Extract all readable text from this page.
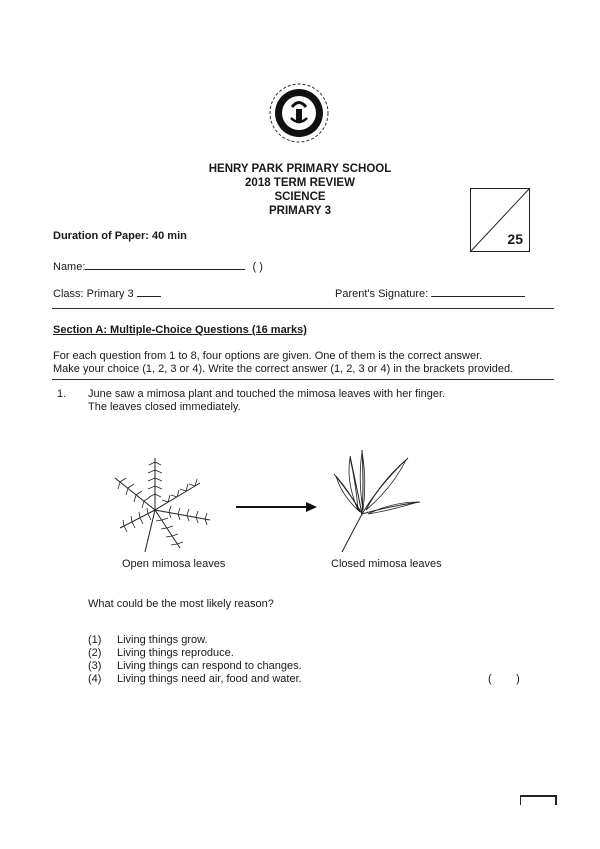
HENRY PARK PRIMARY SCHOOL
2018 TERM REVIEW
SCIENCE
PRIMARY 3
25
Duration of Paper: 40 min
Name:	( )
Class: Primary 3	Parent's Signature:
Section A: Multiple-Choice Questions (16 marks)
For each question from 1 to 8, four options are given. One of them is the correct answer.
Make your choice (1, 2, 3 or 4). Write the correct answer (1, 2, 3 or 4) in the brackets provided.
1. June saw a mimosa plant and touched the mimosa leaves with her finger.
The leaves closed immediately.
Open mimosa leaves	Closed mimosa leaves
What could be the most likely reason?
(1) Living things grow.
(2) Living things reproduce.
(3) Living things can respond to changes.
(4) Living things need air, food and water.	(        )
